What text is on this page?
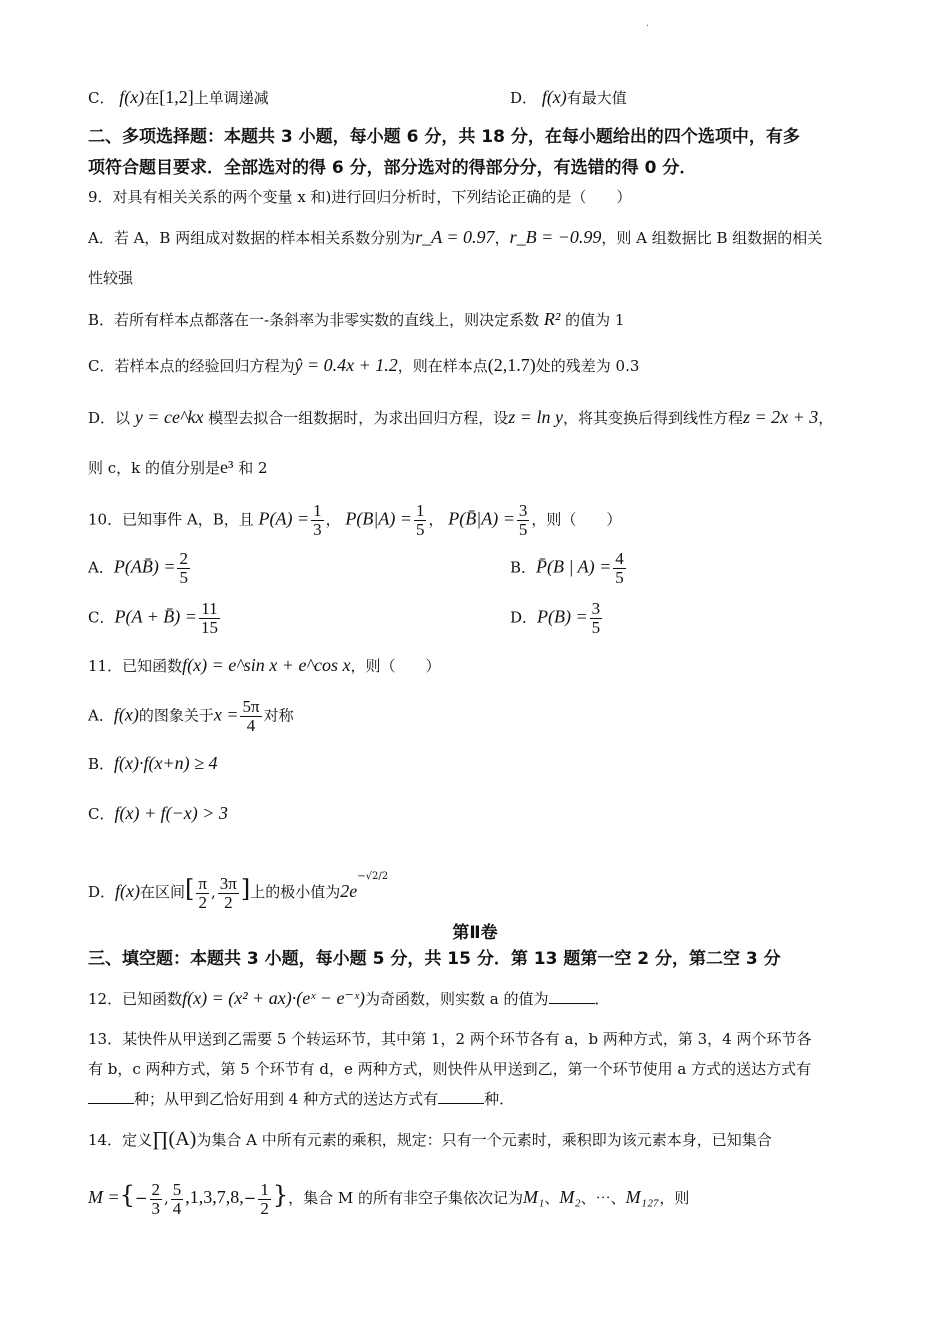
.
C． f(x)在[1,2]上单调递减	D． f(x)有最大值
二、多项选择题：本题共 3 小题，每小题 6 分，共 18 分，在每小题给出的四个选项中，有多
项符合题目要求．全部选对的得 6 分，部分选对的得部分分，有选错的得 0 分．
9．对具有相关关系的两个变量 x 和)进行回归分析时，下列结论正确的是（　　）
A．若 A，B 两组成对数据的样本相关系数分别为r_A = 0.97，r_B = −0.99，则 A 组数据比 B 组数据的相关
性较强
B．若所有样本点都落在一-条斜率为非零实数的直线上，则决定系数 R² 的值为 1
C．若样本点的经验回归方程为ŷ = 0.4x + 1.2，则在样本点(2,1.7)处的残差为 0.3
D．以 y = ce^kx 模型去拟合一组数据时，为求出回归方程，设z = ln y，将其变换后得到线性方程z = 2x + 3，
则 c，k 的值分别是e³ 和 2
10．已知事件 A，B，且 $P(A) = \frac{1}{3}$ ， $P(B|A) = \frac{1}{5}$ ， P(B̄|A) = $\frac{3}{5}$ ，则（　　）
A．P(AB̄) = $\frac{2}{5}$	B．P̄(B | $A) = \frac{4}{5}$
C．P(A + B̄) = $\frac{11}{15}$	D．$P(B) = \frac{3}{5}$
11．已知函数f(x) = e^sin x + e^cos x，则（　　）
A．f(x)的图象关于$x = \frac{5\pi}{4}$ 对称
B．f(x)·f(x+n) ≥ 4
C．f(x) + f(−x) > 3
D．f(x)在区间[ $\frac{\pi}{2}$ , $\frac{3\pi}{2}$ ]上的极小值为$2e^{-√2/2}$
第Ⅱ卷
三、填空题：本题共 3 小题，每小题 5 分，共 15 分．第 13 题第一空 2 分，第二空 3 分
12．已知函数f(x) = (x² + ax)·(eˣ − e⁻ˣ)为奇函数，则实数 a 的值为	．
13．某快件从甲送到乙需要 5 个转运环节，其中第 1，2 两个环节各有 a，b 两种方式，第 3，4 两个环节各
有 b，c 两种方式，第 5 个环节有 d，e 两种方式，则快件从甲送到乙，第一个环节使用 a 方式的送达方式有
种；从甲到乙恰好用到 4 种方式的送达方式有	种．
14．定义∏(A)为集合 A 中所有元素的乘积，规定：只有一个元素时，乘积即为该元素本身，已知集合
M ={− $\frac{2}{3}$ , $\frac{5}{4} ,1,3,7,8,- \frac{1}{2}$ }，集合 M 的所有非空子集依次记为M₁、M₂、⋯、M₁₂₇，则
